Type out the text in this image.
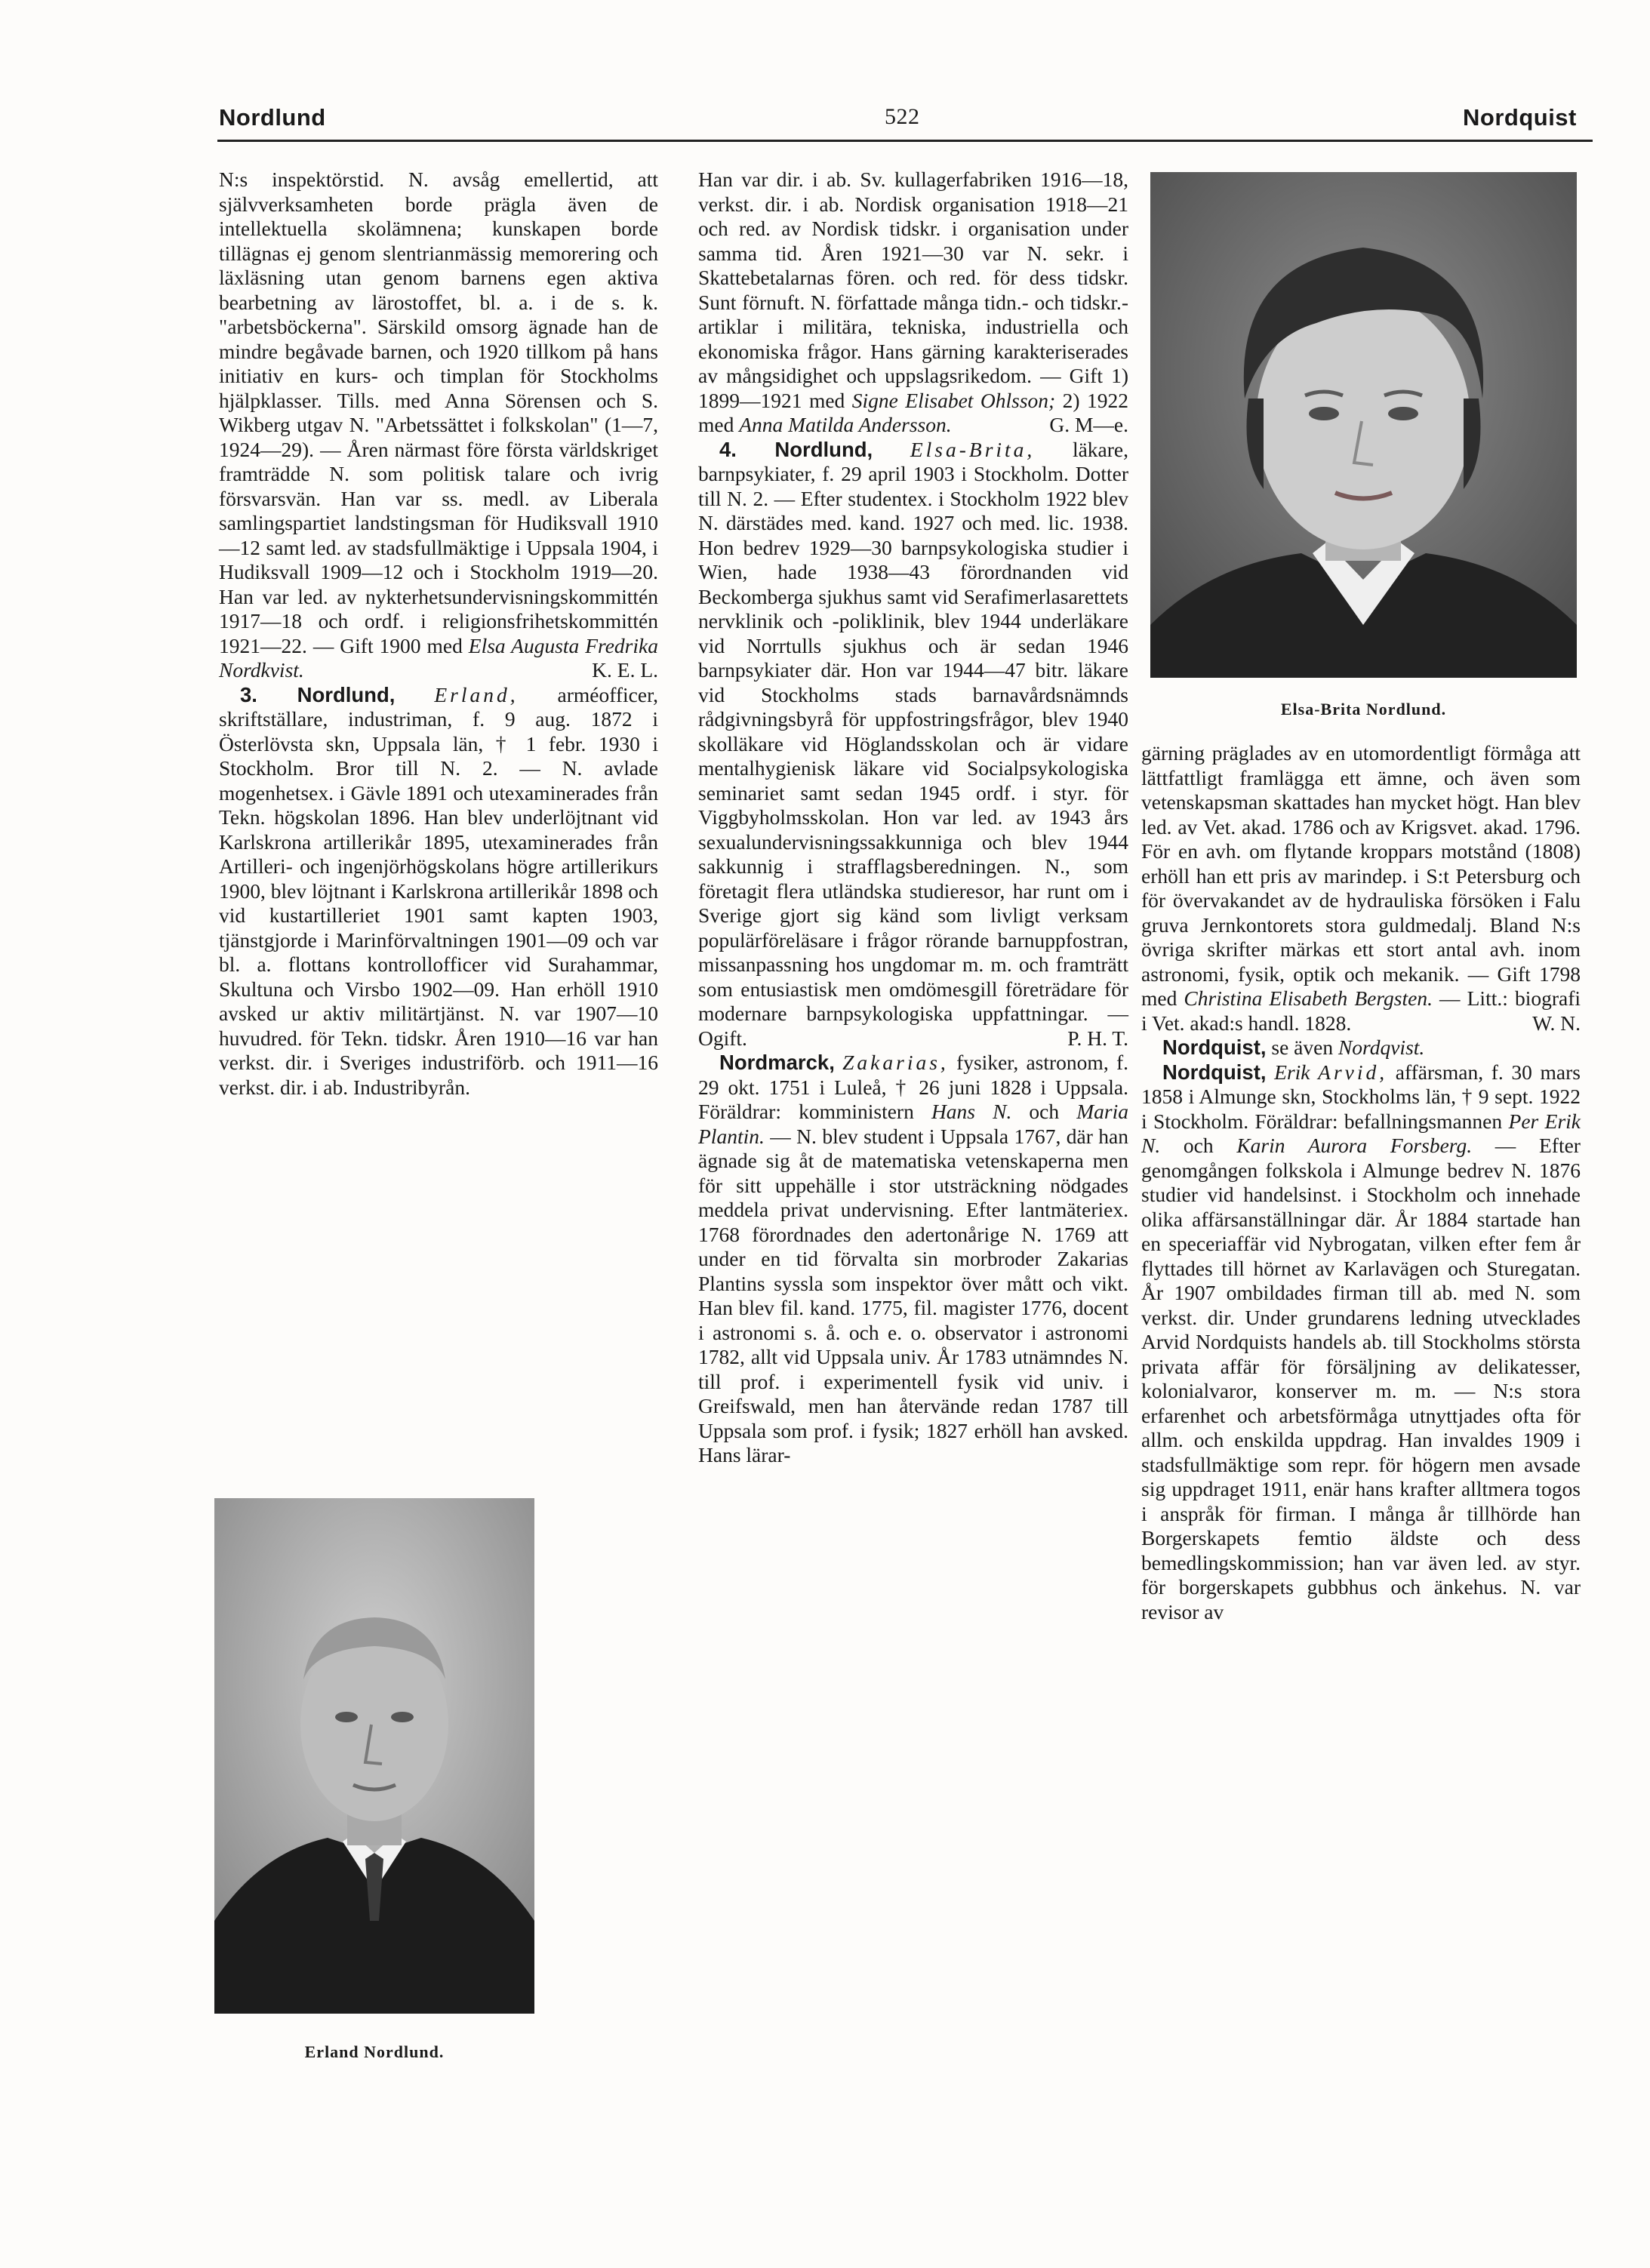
Nordlund	522	Nordquist

N:s inspektörstid. N. avsåg emellertid, att självverksamheten borde prägla även de intellektuella skolämnena; kunskapen borde tillägnas ej genom slentrianmässig memorering och läxläsning utan genom barnens egen aktiva bearbetning av lärostoffet, bl. a. i de s. k. "arbetsböckerna". Särskild omsorg ägnade han de mindre begåvade barnen, och 1920 tillkom på hans initiativ en kurs- och timplan för Stockholms hjälpklasser. Tills. med Anna Sörensen och S. Wikberg utgav N. "Arbetssättet i folkskolan" (1—7, 1924—29). — Åren närmast före första världskriget framträdde N. som politisk talare och ivrig försvarsvän. Han var ss. medl. av Liberala samlingspartiet landstingsman för Hudiksvall 1910—12 samt led. av stadsfullmäktige i Uppsala 1904, i Hudiksvall 1909—12 och i Stockholm 1919—20. Han var led. av nykterhetsundervisningskommittén 1917—18 och ordf. i religionsfrihetskommittén 1921—22. — Gift 1900 med Elsa Augusta Fredrika Nordkvist.	K. E. L.

3. Nordlund, Erland, arméofficer, skriftställare, industriman, f. 9 aug. 1872 i Österlövsta skn, Uppsala län, † 1 febr. 1930 i Stockholm. Bror till N. 2. — N. avlade mogenhetsex. i Gävle 1891 och utexaminerades från Tekn. högskolan 1896. Han blev underlöjtnant vid Karlskrona artillerikår 1895, utexaminerades från Artilleri- och ingenjörhögskolans högre artillerikurs 1900, blev löjtnant i Karlskrona artillerikår 1898 och vid kustartilleriet 1901 samt kapten 1903, tjänstgjorde i Marinförvaltningen 1901—09 och var bl. a. flottans kontrollofficer vid Surahammar, Skultuna och Virsbo 1902—09. Han erhöll 1910 avsked ur aktiv militärtjänst. N. var 1907—10 huvudred. för Tekn. tidskr. Åren 1910—16 var han verkst. dir. i Sveriges industriförb. och 1911—16 verkst. dir. i ab. Industribyrån.

Erland Nordlund.

Han var dir. i ab. Sv. kullagerfabriken 1916—18, verkst. dir. i ab. Nordisk organisation 1918—21 och red. av Nordisk tidskr. i organisation under samma tid. Åren 1921—30 var N. sekr. i Skattebetalarnas fören. och red. för dess tidskr. Sunt förnuft. N. författade många tidn.- och tidskr.-artiklar i militära, tekniska, industriella och ekonomiska frågor. Hans gärning karakteriserades av mångsidighet och uppslagsrikedom. — Gift 1) 1899—1921 med Signe Elisabet Ohlsson; 2) 1922 med Anna Matilda Andersson.	G. M—e.

4. Nordlund, Elsa-Brita, läkare, barnpsykiater, f. 29 april 1903 i Stockholm. Dotter till N. 2. — Efter studentex. i Stockholm 1922 blev N. därstädes med. kand. 1927 och med. lic. 1938. Hon bedrev 1929—30 barnpsykologiska studier i Wien, hade 1938—43 förordnanden vid Beckomberga sjukhus samt vid Serafimerlasarettets nervklinik och -poliklinik, blev 1944 underläkare vid Norrtulls sjukhus och är sedan 1946 barnpsykiater där. Hon var 1944—47 bitr. läkare vid Stockholms stads barnavårdsnämnds rådgivningsbyrå för uppfostringsfrågor, blev 1940 skolläkare vid Höglandsskolan och är vidare mentalhygienisk läkare vid Socialpsykologiska seminariet samt sedan 1945 ordf. i styr. för Viggbyholmsskolan. Hon var led. av 1943 års sexualundervisningssakkunniga och blev 1944 sakkunnig i strafflagsberedningen. N., som företagit flera utländska studieresor, har runt om i Sverige gjort sig känd som livligt verksam populärföreläsare i frågor rörande barnuppfostran, missanpassning hos ungdomar m. m. och framträtt som entusiastisk men omdömesgill företrädare för modernare barnpsykologiska uppfattningar. — Ogift.	P. H. T.

Nordmarck, Zakarias, fysiker, astronom, f. 29 okt. 1751 i Luleå, † 26 juni 1828 i Uppsala. Föräldrar: komministern Hans N. och Maria Plantin. — N. blev student i Uppsala 1767, där han ägnade sig åt de matematiska vetenskaperna men för sitt uppehälle i stor utsträckning nödgades meddela privat undervisning. Efter lantmäteriex. 1768 förordnades den adertonårige N. 1769 att under en tid förvalta sin morbroder Zakarias Plantins syssla som inspektor över mått och vikt. Han blev fil. kand. 1775, fil. magister 1776, docent i astronomi s. å. och e. o. observator i astronomi 1782, allt vid Uppsala univ. År 1783 utnämndes N. till prof. i experimentell fysik vid univ. i Greifswald, men han återvände redan 1787 till Uppsala som prof. i fysik; 1827 erhöll han avsked. Hans lärar-

Elsa-Brita Nordlund.

gärning präglades av en utomordentligt förmåga att lättfattligt framlägga ett ämne, och även som vetenskapsman skattades han mycket högt. Han blev led. av Vet. akad. 1786 och av Krigsvet. akad. 1796. För en avh. om flytande kroppars motstånd (1808) erhöll han ett pris av marindep. i S:t Petersburg och för övervakandet av de hydrauliska försöken i Falu gruva Jernkontorets stora guldmedalj. Bland N:s övriga skrifter märkas ett stort antal avh. inom astronomi, fysik, optik och mekanik. — Gift 1798 med Christina Elisabeth Bergsten. — Litt.: biografi i Vet. akad:s handl. 1828.	W. N.

Nordquist, se även Nordqvist.

Nordquist, Erik Arvid, affärsman, f. 30 mars 1858 i Almunge skn, Stockholms län, † 9 sept. 1922 i Stockholm. Föräldrar: befallningsmannen Per Erik N. och Karin Aurora Forsberg. — Efter genomgången folkskola i Almunge bedrev N. 1876 studier vid handelsinst. i Stockholm och innehade olika affärsanställningar där. År 1884 startade han en speceriaffär vid Nybrogatan, vilken efter fem år flyttades till hörnet av Karlavägen och Sturegatan. År 1907 ombildades firman till ab. med N. som verkst. dir. Under grundarens ledning utvecklades Arvid Nordquists handels ab. till Stockholms största privata affär för försäljning av delikatesser, kolonialvaror, konserver m. m. — N:s stora erfarenhet och arbetsförmåga utnyttjades ofta för allm. och enskilda uppdrag. Han invaldes 1909 i stadsfullmäktige som repr. för högern men avsade sig uppdraget 1911, enär hans krafter alltmera togos i anspråk för firman. I många år tillhörde han Borgerskapets femtio äldste och dess bemedlingskommission; han var även led. av styr. för borgerskapets gubbhus och änkehus. N. var revisor av
